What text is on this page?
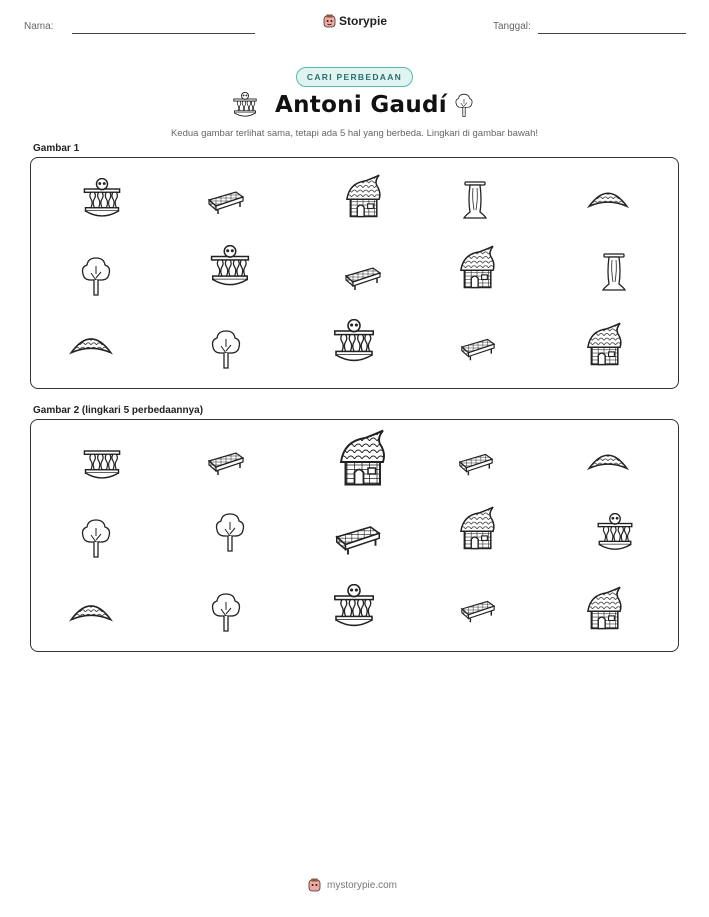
Nama:	Storypie	Tanggal:
CARI PERBEDAAN
Antoni Gaudí
Kedua gambar terlihat sama, tetapi ada 5 hal yang berbeda. Lingkari di gambar bawah!
Gambar 1
Gambar 2 (lingkari 5 perbedaannya)
mystorypie.com
